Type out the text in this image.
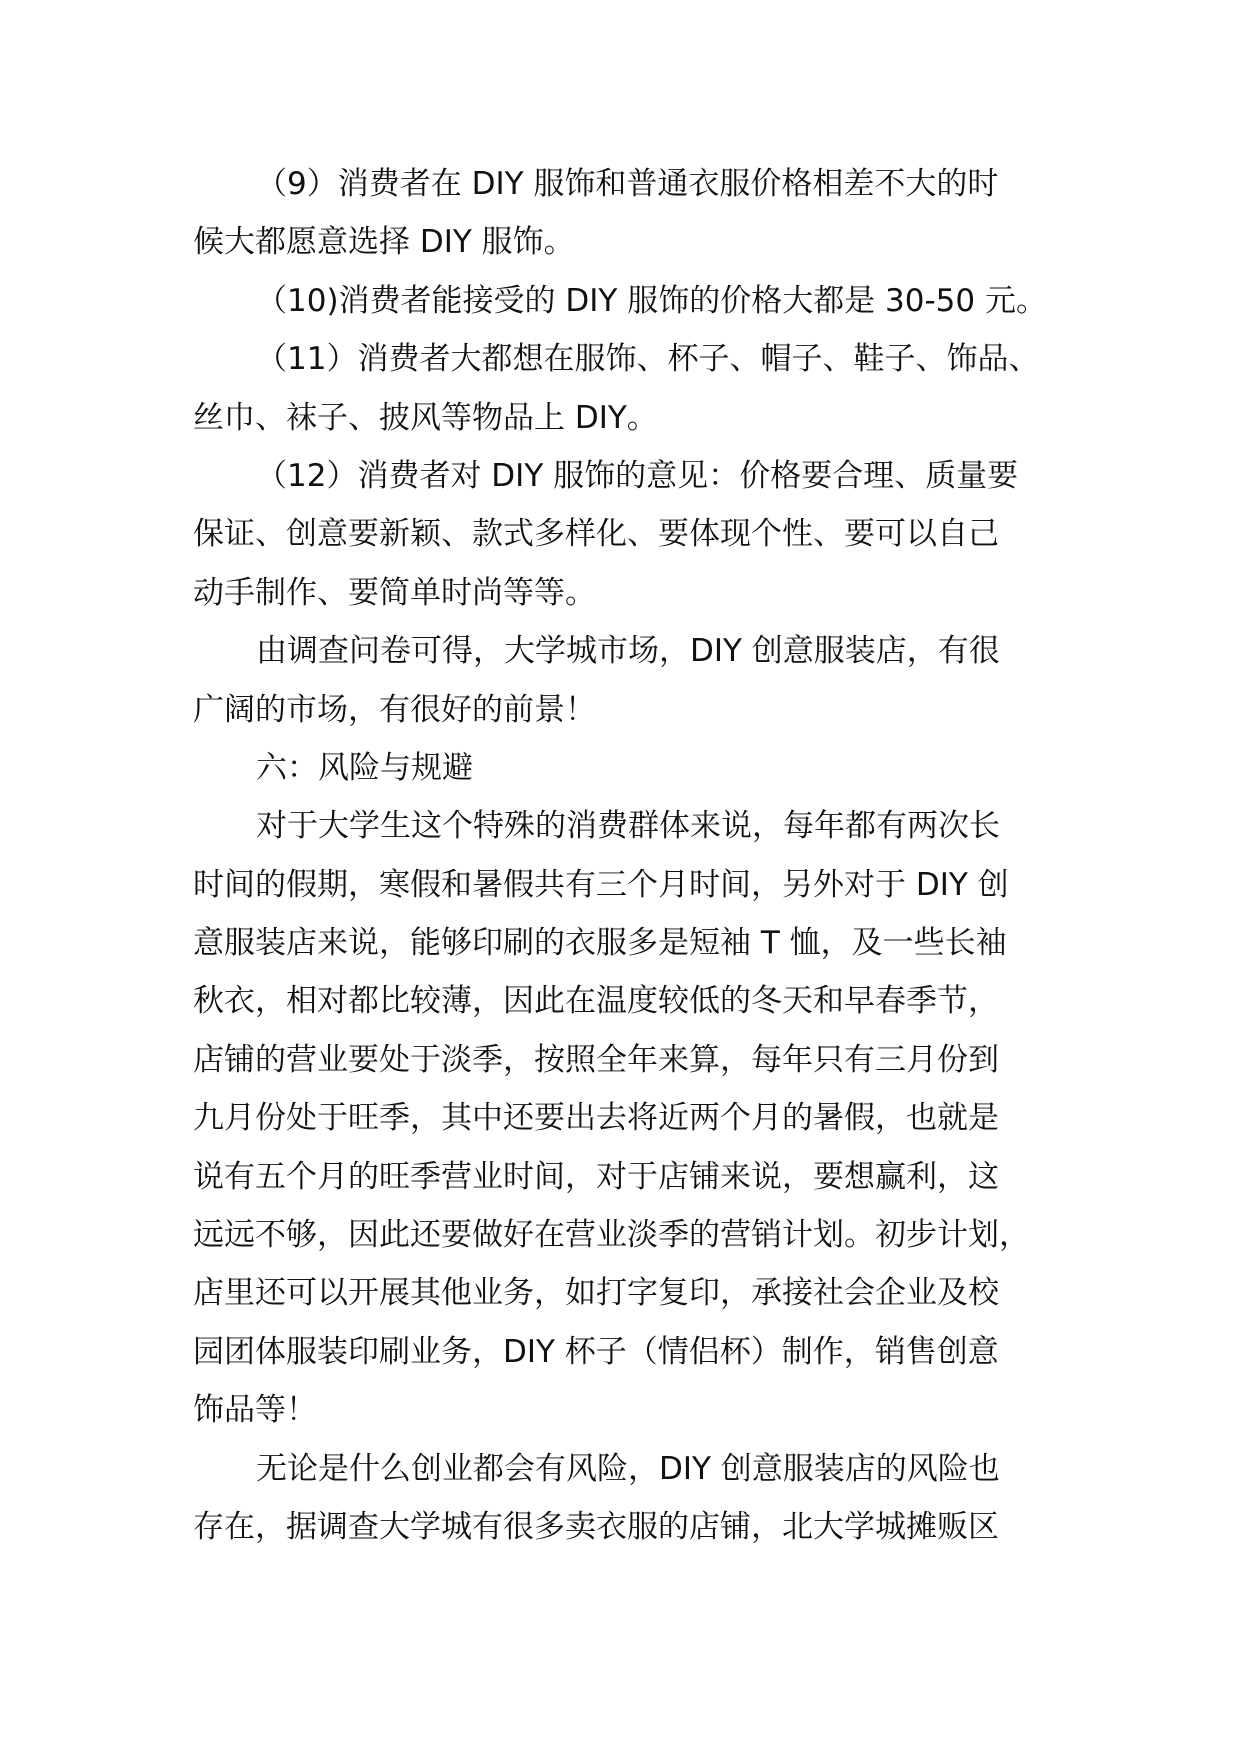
（9）消费者在 DIY 服饰和普通衣服价格相差不大的时
候大都愿意选择 DIY 服饰。
（10)消费者能接受的 DIY 服饰的价格大都是 30-50 元。
（11）消费者大都想在服饰、杯子、帽子、鞋子、饰品、
丝巾、袜子、披风等物品上 DIY。
（12）消费者对 DIY 服饰的意见：价格要合理、质量要
保证、创意要新颖、款式多样化、要体现个性、要可以自己
动手制作、要简单时尚等等。
由调查问卷可得，大学城市场，DIY 创意服装店，有很
广阔的市场，有很好的前景！
六：风险与规避
对于大学生这个特殊的消费群体来说，每年都有两次长
时间的假期，寒假和暑假共有三个月时间，另外对于 DIY 创
意服装店来说，能够印刷的衣服多是短袖 T 恤，及一些长袖
秋衣，相对都比较薄，因此在温度较低的冬天和早春季节，
店铺的营业要处于淡季，按照全年来算，每年只有三月份到
九月份处于旺季，其中还要出去将近两个月的暑假，也就是
说有五个月的旺季营业时间，对于店铺来说，要想赢利，这
远远不够，因此还要做好在营业淡季的营销计划。初步计划，
店里还可以开展其他业务，如打字复印，承接社会企业及校
园团体服装印刷业务，DIY 杯子（情侣杯）制作，销售创意
饰品等！
无论是什么创业都会有风险，DIY 创意服装店的风险也
存在，据调查大学城有很多卖衣服的店铺，北大学城摊贩区
